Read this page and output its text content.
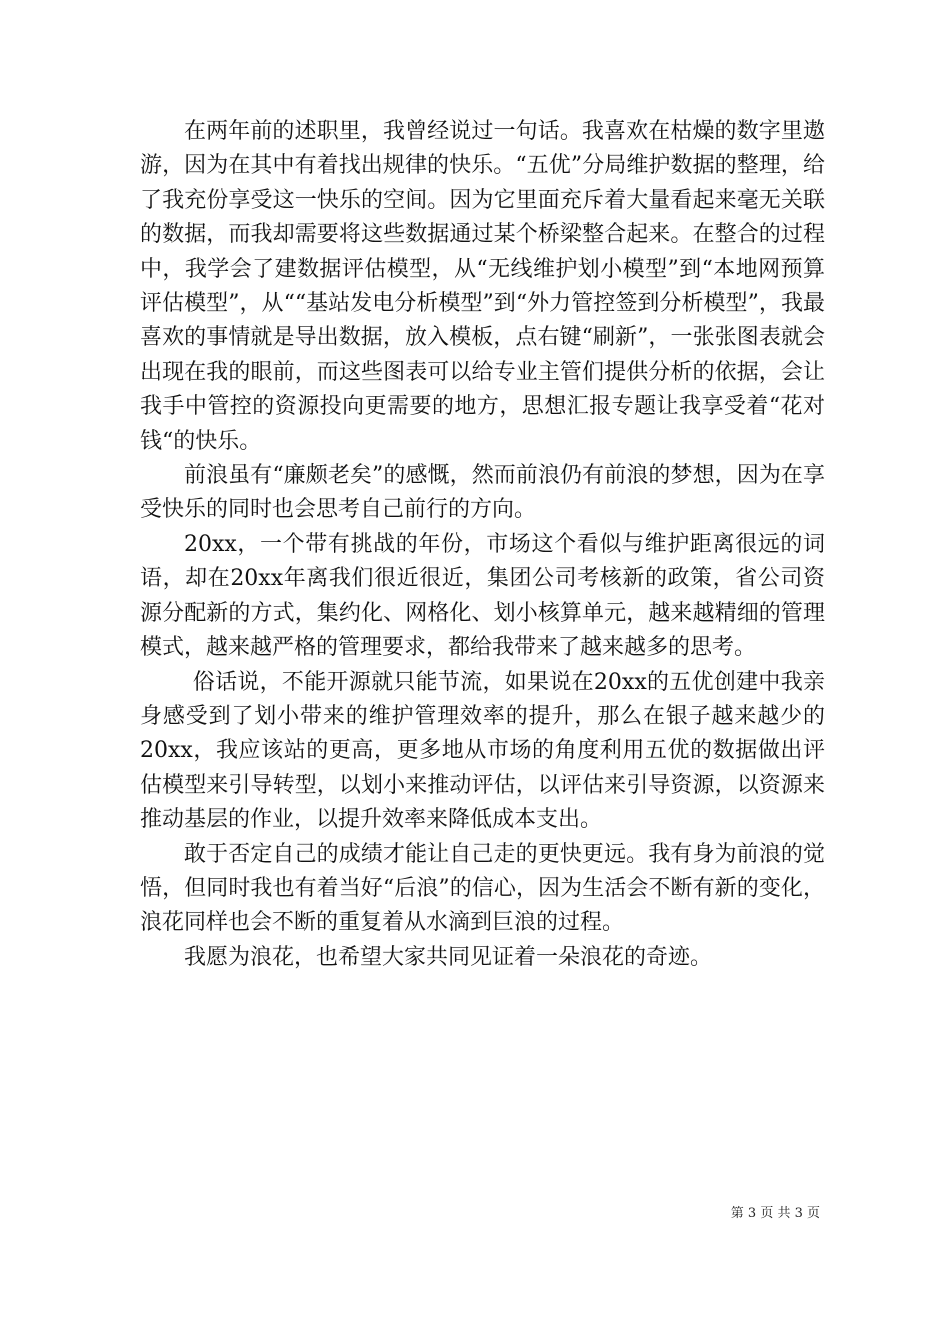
在两年前的述职里，我曾经说过一句话。我喜欢在枯燥的数字里遨游，因为在其中有着找出规律的快乐。“五优”分局维护数据的整理，给了我充份享受这一快乐的空间。因为它里面充斥着大量看起来毫无关联的数据，而我却需要将这些数据通过某个桥梁整合起来。在整合的过程中，我学会了建数据评估模型，从“无线维护划小模型”到“本地网预算评估模型”，从““基站发电分析模型”到“外力管控签到分析模型”，我最喜欢的事情就是导出数据，放入模板，点右键“刷新”，一张张图表就会出现在我的眼前，而这些图表可以给专业主管们提供分析的依据，会让我手中管控的资源投向更需要的地方，思想汇报专题让我享受着“花对钱“的快乐。

前浪虽有“廉颇老矣”的感慨，然而前浪仍有前浪的梦想，因为在享受快乐的同时也会思考自己前行的方向。

20xx，一个带有挑战的年份，市场这个看似与维护距离很远的词语，却在20xx年离我们很近很近，集团公司考核新的政策，省公司资源分配新的方式，集约化、网格化、划小核算单元，越来越精细的管理模式，越来越严格的管理要求，都给我带来了越来越多的思考。

俗话说，不能开源就只能节流，如果说在20xx的五优创建中我亲身感受到了划小带来的维护管理效率的提升，那么在银子越来越少的20xx，我应该站的更高，更多地从市场的角度利用五优的数据做出评估模型来引导转型，以划小来推动评估，以评估来引导资源，以资源来推动基层的作业，以提升效率来降低成本支出。

敢于否定自己的成绩才能让自己走的更快更远。我有身为前浪的觉悟，但同时我也有着当好“后浪”的信心，因为生活会不断有新的变化，浪花同样也会不断的重复着从水滴到巨浪的过程。

我愿为浪花，也希望大家共同见证着一朵浪花的奇迹。

第 3 页 共 3 页
